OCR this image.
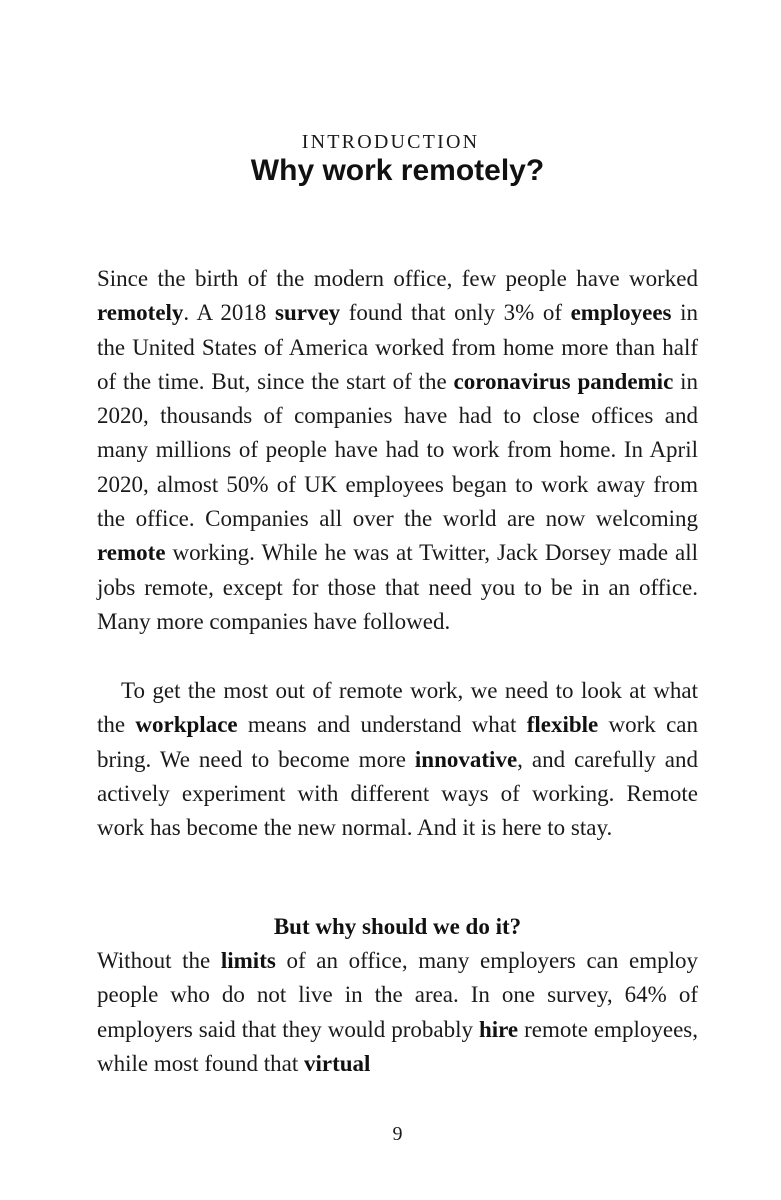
INTRODUCTION
Why work remotely?
Since the birth of the modern office, few people have worked remotely. A 2018 survey found that only 3% of employees in the United States of America worked from home more than half of the time. But, since the start of the coronavirus pandemic in 2020, thousands of companies have had to close offices and many millions of people have had to work from home. In April 2020, almost 50% of UK employees began to work away from the office. Companies all over the world are now welcoming remote working. While he was at Twitter, Jack Dorsey made all jobs remote, except for those that need you to be in an office. Many more companies have followed.
To get the most out of remote work, we need to look at what the workplace means and understand what flexible work can bring. We need to become more innovative, and carefully and actively experiment with different ways of working. Remote work has become the new normal. And it is here to stay.
But why should we do it?
Without the limits of an office, many employers can employ people who do not live in the area. In one survey, 64% of employers said that they would probably hire remote employees, while most found that virtual
9
